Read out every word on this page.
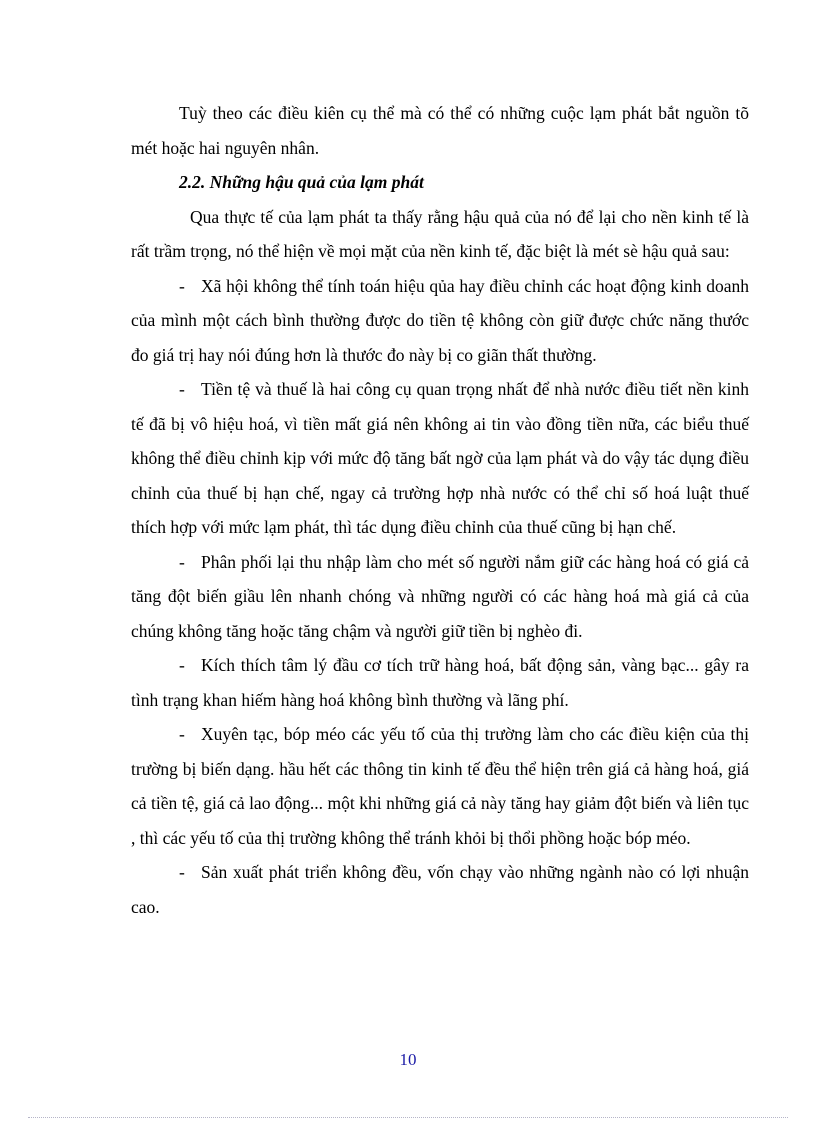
Tuỳ theo các điều kiên cụ thể mà có thể có những cuộc lạm phát bắt nguồn tõ mét hoặc hai nguyên nhân.

2.2. Những hậu quả của lạm phát

Qua thực tế của lạm phát ta thấy rằng hậu quả của nó để lại cho nền kinh tế là rất trầm trọng, nó thể hiện về mọi mặt của nền kinh tế, đặc biệt là mét sè hậu quả sau:

- Xã hội không thể tính toán hiệu qủa hay điều chỉnh các hoạt động kinh doanh của mình một cách bình thường được do tiền tệ không còn giữ được chức năng thước đo giá trị hay nói đúng hơn là thước đo này bị co giãn thất thường.

- Tiền tệ và thuế là hai công cụ quan trọng nhất để nhà nước điều tiết nền kinh tế đã bị vô hiệu hoá, vì tiền mất giá nên không ai tin vào đồng tiền nữa, các biểu thuế không thể điều chỉnh kịp với mức độ tăng bất ngờ của lạm phát và do vậy tác dụng điều chỉnh của thuế bị hạn chế, ngay cả trường hợp nhà nước có thể chỉ số hoá luật thuế thích hợp với mức lạm phát, thì tác dụng điều chỉnh của thuế cũng bị hạn chế.

- Phân phối lại thu nhập làm cho mét số người nắm giữ các hàng hoá có giá cả tăng đột biến giầu lên nhanh chóng và những người có các hàng hoá mà giá cả của chúng không tăng hoặc tăng chậm và người giữ tiền bị nghèo đi.

- Kích thích tâm lý đầu cơ tích trữ hàng hoá, bất động sản, vàng bạc... gây ra tình trạng khan hiếm hàng hoá không bình thường và lãng phí.

- Xuyên tạc, bóp méo các yếu tố của thị trường làm cho các điều kiện của thị trường bị biến dạng. hầu hết các thông tin kinh tế đều thể hiện trên giá cả hàng hoá, giá cả tiền tệ, giá cả lao động... một khi những giá cả này tăng hay giảm đột biến và liên tục , thì các yếu tố của thị trường không thể tránh khỏi bị thổi phồng hoặc bóp méo.

- Sản xuất phát triển không đều, vốn chạy vào những ngành nào có lợi nhuận cao.

10
